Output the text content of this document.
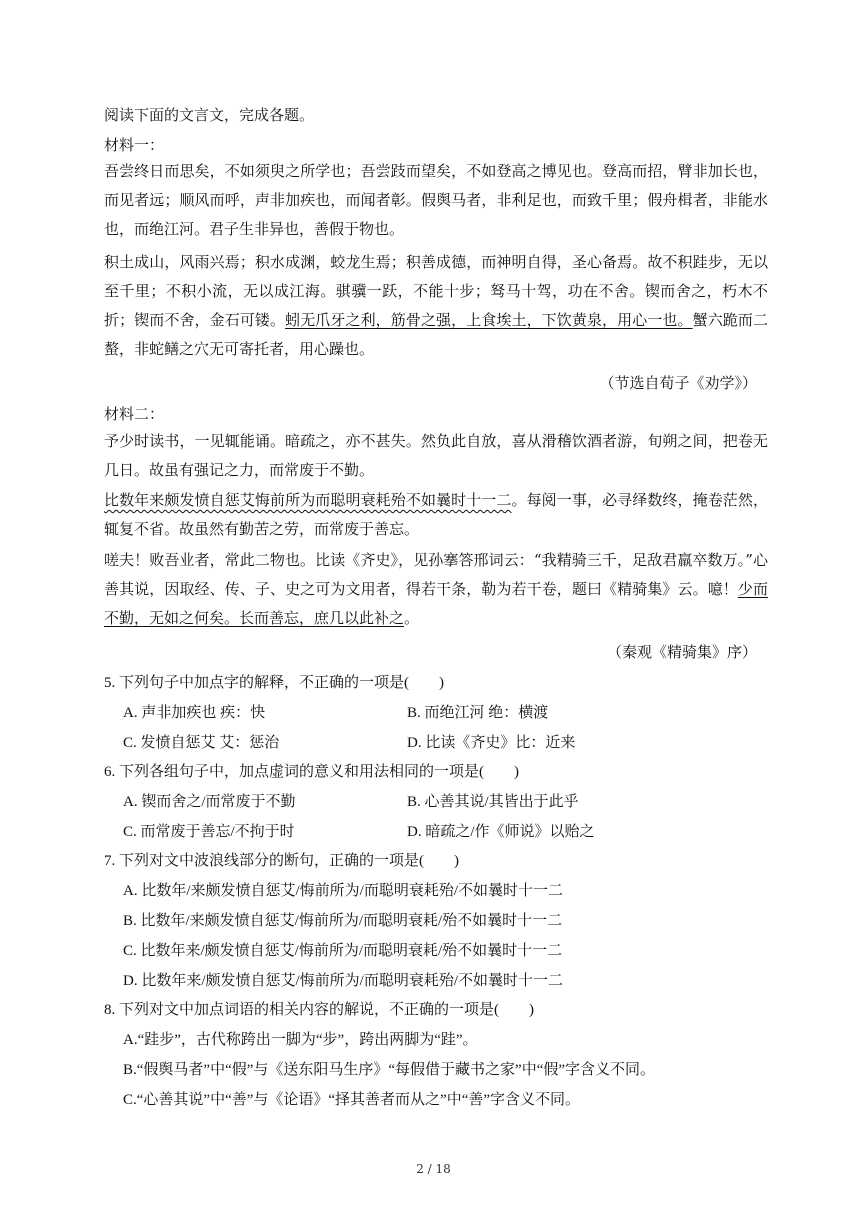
阅读下面的文言文，完成各题。
材料一：
吾尝终日而思矣，不如须臾之所学也；吾尝跂而望矣，不如登高之博见也。登高而招，臂非加长也，而见者远；顺风而呼，声非加疾也，而闻者彰。假舆马者，非利足也，而致千里；假舟楫者，非能水也，而绝江河。君子生非异也，善假于物也。
积土成山，风雨兴焉；积水成渊，蛟龙生焉；积善成德，而神明自得，圣心备焉。故不积跬步，无以至千里；不积小流，无以成江海。骐骥一跃，不能十步；驽马十驾，功在不舍。锲而舍之，朽木不折；锲而不舍，金石可镂。蚓无爪牙之利，筋骨之强，上食埃土，下饮黄泉，用心一也。蟹六跪而二螯，非蛇鳝之穴无可寄托者，用心躁也。
（节选自荀子《劝学》）
材料二：
予少时读书，一见辄能诵。暗疏之，亦不甚失。然负此自放，喜从滑稽饮酒者游，旬朔之间，把卷无几日。故虽有强记之力，而常废于不勤。
比数年来颇发愤自惩艾悔前所为而聪明衰耗殆不如曩时十一二。每阅一事，必寻绎数终，掩卷茫然，辄复不省。故虽然有勤苦之劳，而常废于善忘。
嗟夫！败吾业者，常此二物也。比读《齐史》，见孙搴答邢词云：“我精骑三千，足敌君羸卒数万。”心善其说，因取经、传、子、史之可为文用者，得若干条，勒为若干卷，题曰《精骑集》云。噫！少而不勤，无如之何矣。长而善忘，庶几以此补之。
（秦观《精骑集》序）
5. 下列句子中加点字的解释，不正确的一项是(　　)
A. 声非加疾也 疾：快	B. 而绝江河 绝：横渡
C. 发愤自惩艾 艾：惩治	D. 比读《齐史》比：近来
6. 下列各组句子中，加点虚词的意义和用法相同的一项是(　　)
A. 锲而舍之/而常废于不勤	B. 心善其说/其皆出于此乎
C. 而常废于善忘/不拘于时	D. 暗疏之/作《师说》以贻之
7. 下列对文中波浪线部分的断句，正确的一项是(　　)
A. 比数年/来颇发愤自惩艾/悔前所为/而聪明衰耗殆/不如曩时十一二
B. 比数年/来颇发愤自惩艾/悔前所为/而聪明衰耗/殆不如曩时十一二
C. 比数年来/颇发愤自惩艾/悔前所为/而聪明衰耗/殆不如曩时十一二
D. 比数年来/颇发愤自惩艾/悔前所为/而聪明衰耗殆/不如曩时十一二
8. 下列对文中加点词语的相关内容的解说，不正确的一项是(　　)
A.“跬步”，古代称跨出一脚为“步”，跨出两脚为“跬”。
B.“假舆马者”中“假”与《送东阳马生序》“每假借于藏书之家”中“假”字含义不同。
C.“心善其说”中“善”与《论语》“择其善者而从之”中“善”字含义不同。
2 / 18
